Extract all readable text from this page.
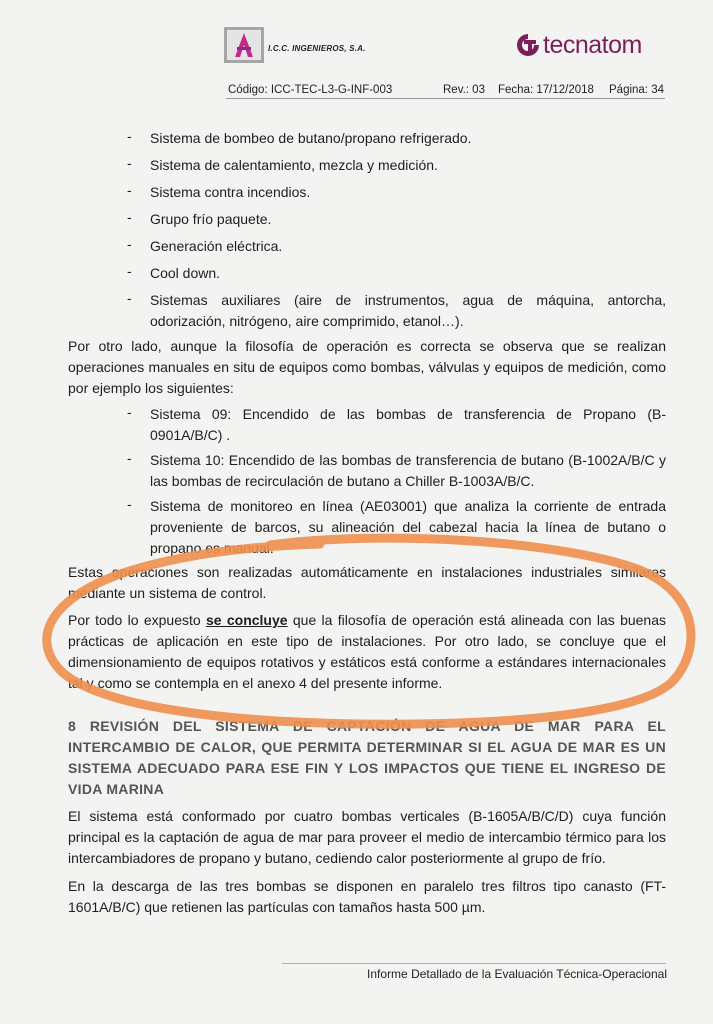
I.C.C. INGENIEROS, S.A.	tecnatom
Código: ICC-TEC-L3-G-INF-003	Rev.: 03 Fecha: 17/12/2018 Página: 34
- Sistema de bombeo de butano/propano refrigerado.
- Sistema de calentamiento, mezcla y medición.
- Sistema contra incendios.
- Grupo frío paquete.
- Generación eléctrica.
- Cool down.
- Sistemas auxiliares (aire de instrumentos, agua de máquina, antorcha,
odorización, nitrógeno, aire comprimido, etanol…).
Por otro lado, aunque la filosofía de operación es correcta se observa que se realizan
operaciones manuales en situ de equipos como bombas, válvulas y equipos de medición, como
por ejemplo los siguientes:
- Sistema 09: Encendido de las bombas de transferencia de Propano (B-
0901A/B/C) .
- Sistema 10: Encendido de las bombas de transferencia de butano (B-1002A/B/C y
las bombas de recirculación de butano a Chiller B-1003A/B/C.
- Sistema de monitoreo en línea (AE03001) que analiza la corriente de entrada
proveniente de barcos, su alineación del cabezal hacia la línea de butano o
propano es manual.
Estas operaciones son realizadas automáticamente en instalaciones industriales similares
mediante un sistema de control.
Por todo lo expuesto se concluye que la filosofía de operación está alineada con las buenas
prácticas de aplicación en este tipo de instalaciones. Por otro lado, se concluye que el
dimensionamiento de equipos rotativos y estáticos está conforme a estándares internacionales
tal y como se contempla en el anexo 4 del presente informe.
8 REVISIÓN DEL SISTEMA DE CAPTACIÓN DE AGUA DE MAR PARA EL
INTERCAMBIO DE CALOR, QUE PERMITA DETERMINAR SI EL AGUA DE MAR ES UN
SISTEMA ADECUADO PARA ESE FIN Y LOS IMPACTOS QUE TIENE EL INGRESO DE
VIDA MARINA
El sistema está conformado por cuatro bombas verticales (B-1605A/B/C/D) cuya función
principal es la captación de agua de mar para proveer el medio de intercambio térmico para los
intercambiadores de propano y butano, cediendo calor posteriormente al grupo de frío.
En la descarga de las tres bombas se disponen en paralelo tres filtros tipo canasto (FT-
1601A/B/C) que retienen las partículas con tamaños hasta 500 µm.
Informe Detallado de la Evaluación Técnica-Operacional
